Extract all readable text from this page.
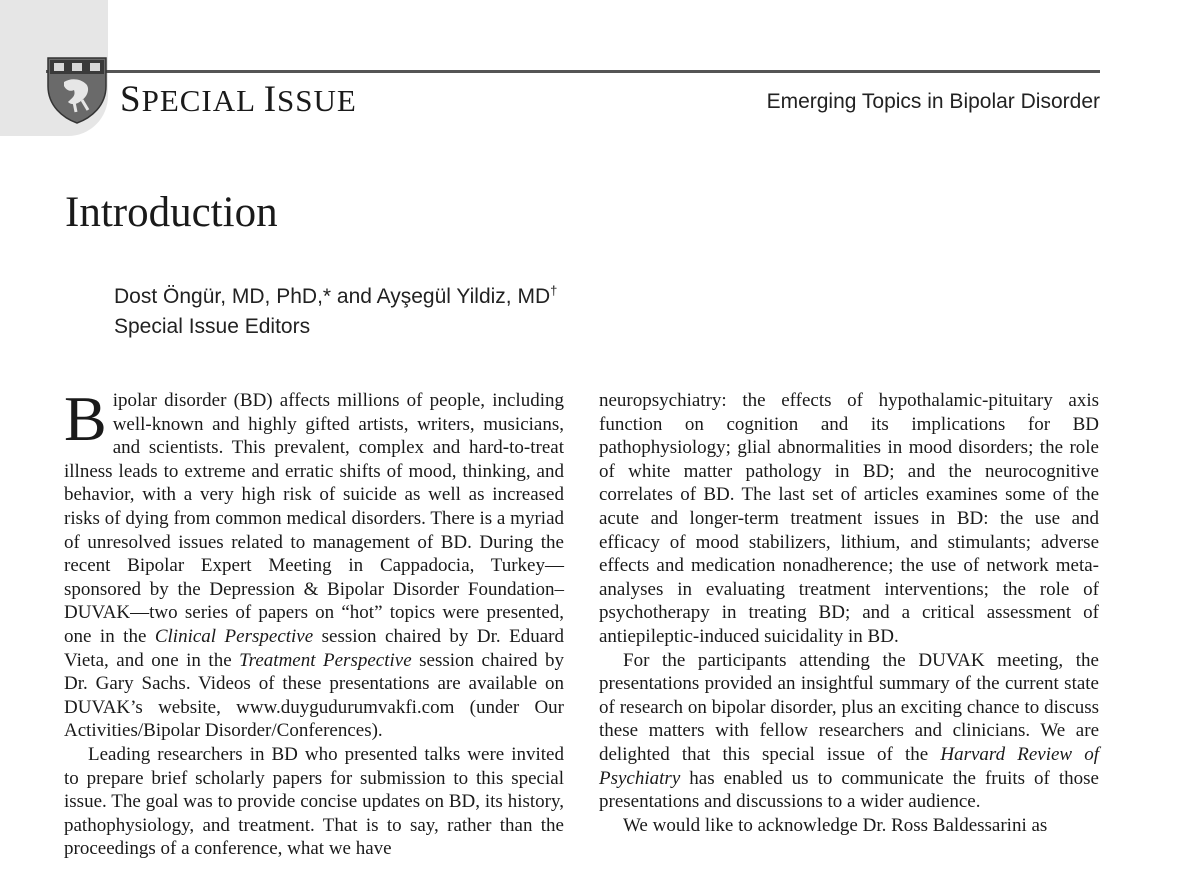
SPECIAL ISSUE	Emerging Topics in Bipolar Disorder
Introduction
Dost Öngür, MD, PhD,* and Ayşegül Yildiz, MD†
Special Issue Editors

Bipolar disorder (BD) affects millions of people, including well-known and highly gifted artists, writers, musicians, and scientists. This prevalent, complex and hard-to-treat illness leads to extreme and erratic shifts of mood, thinking, and behavior, with a very high risk of suicide as well as increased risks of dying from common medical disorders. There is a myriad of unresolved issues related to management of BD. During the recent Bipolar Expert Meeting in Cappadocia, Turkey—sponsored by the Depression & Bipolar Disorder Foundation–DUVAK—two series of papers on “hot” topics were presented, one in the Clinical Perspective session chaired by Dr. Eduard Vieta, and one in the Treatment Perspective session chaired by Dr. Gary Sachs. Videos of these presentations are available on DUVAK’s website, www.duygudurumvakfi.com (under Our Activities/Bipolar Disorder/Conferences).

Leading researchers in BD who presented talks were invited to prepare brief scholarly papers for submission to this special issue. The goal was to provide concise updates on BD, its history, pathophysiology, and treatment. That is to say, rather than the proceedings of a conference, what we have

neuropsychiatry: the effects of hypothalamic-pituitary axis function on cognition and its implications for BD pathophysiology; glial abnormalities in mood disorders; the role of white matter pathology in BD; and the neurocognitive correlates of BD. The last set of articles examines some of the acute and longer-term treatment issues in BD: the use and efficacy of mood stabilizers, lithium, and stimulants; adverse effects and medication nonadherence; the use of network meta-analyses in evaluating treatment interventions; the role of psychotherapy in treating BD; and a critical assessment of antiepileptic-induced suicidality in BD.

For the participants attending the DUVAK meeting, the presentations provided an insightful summary of the current state of research on bipolar disorder, plus an exciting chance to discuss these matters with fellow researchers and clinicians. We are delighted that this special issue of the Harvard Review of Psychiatry has enabled us to communicate the fruits of those presentations and discussions to a wider audience.

We would like to acknowledge Dr. Ross Baldessarini as
